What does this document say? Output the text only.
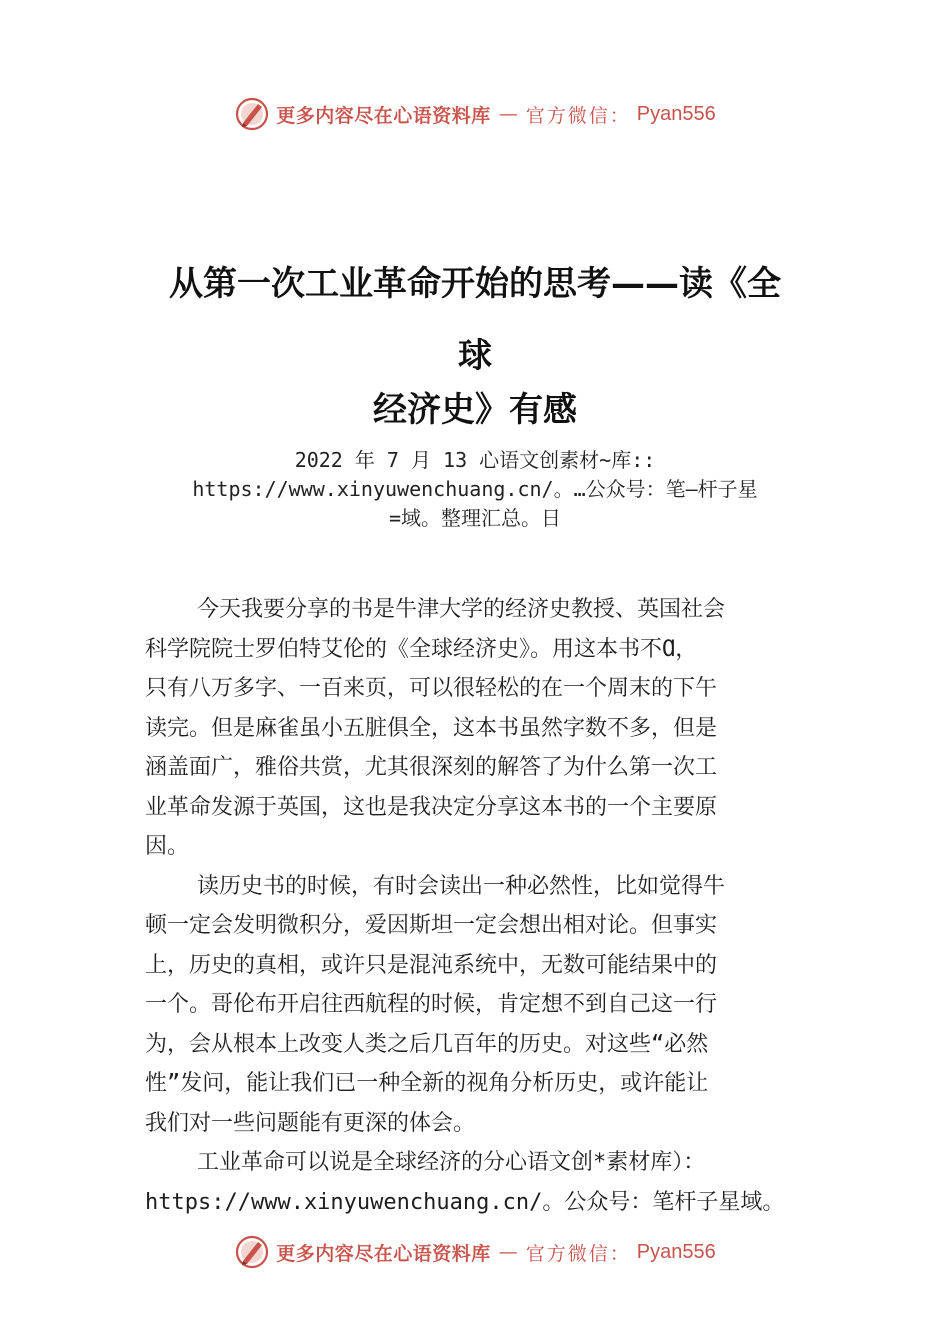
更多内容尽在心语资料库 — 官方微信： Pyan556
从第一次工业革命开始的思考——读《全
球
经济史》有感
2022 年 7 月 13 心语文创素材~库::
https://www.xinyuwenchuang.cn/。…公众号：笔—杆子星
=域。整理汇总。日
今天我要分享的书是牛津大学的经济史教授、英国社会
科学院院士罗伯特艾伦的《全球经济史》。用这本书不Ɑ，
只有八万多字、一百来页，可以很轻松的在一个周末的下午
读完。但是麻雀虽小五脏俱全，这本书虽然字数不多，但是
涵盖面广，雅俗共赏，尤其很深刻的解答了为什么第一次工
业革命发源于英国，这也是我决定分享这本书的一个主要原
因。
读历史书的时候，有时会读出一种必然性，比如觉得牛
顿一定会发明微积分，爱因斯坦一定会想出相对论。但事实
上，历史的真相，或许只是混沌系统中，无数可能结果中的
一个。哥伦布开启往西航程的时候，肯定想不到自己这一行
为，会从根本上改变人类之后几百年的历史。对这些“必然
性”发问，能让我们已一种全新的视角分析历史，或许能让
我们对一些问题能有更深的体会。
工业革命可以说是全球经济的分心语文创*素材库）：
https://www.xinyuwenchuang.cn/。公众号：笔杆子星域。
更多内容尽在心语资料库 — 官方微信： Pyan556
